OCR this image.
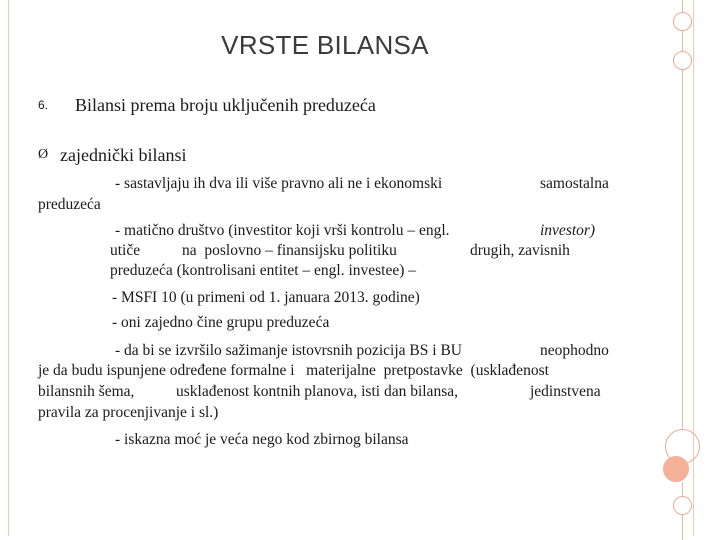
VRSTE BILANSA
6. Bilansi prema broju uključenih preduzeća
Ø zajednički bilansi
- sastavljaju ih dva ili više pravno ali ne i ekonomski	samostalna
preduzeća
- matično društvo (investitor koji vrši kontrolu – engl.	investor)
utiče	na  poslovno – finansijsku politiku	drugih, zavisnih
preduzeća (kontrolisani entitet – engl. investee) –
- MSFI 10 (u primeni od 1. januara 2013. godine)
- oni zajedno čine grupu preduzeća
- da bi se izvršilo sažimanje istovrsnih pozicija BS i BU	neophodno
je da budu ispunjene određene formalne i   materijalne  pretpostavke  (usklađenost
bilansnih šema,	usklađenost kontnih planova, isti dan bilansa,	jedinstvena
pravila za procenjivanje i sl.)
- iskazna moć je veća nego kod zbirnog bilansa
